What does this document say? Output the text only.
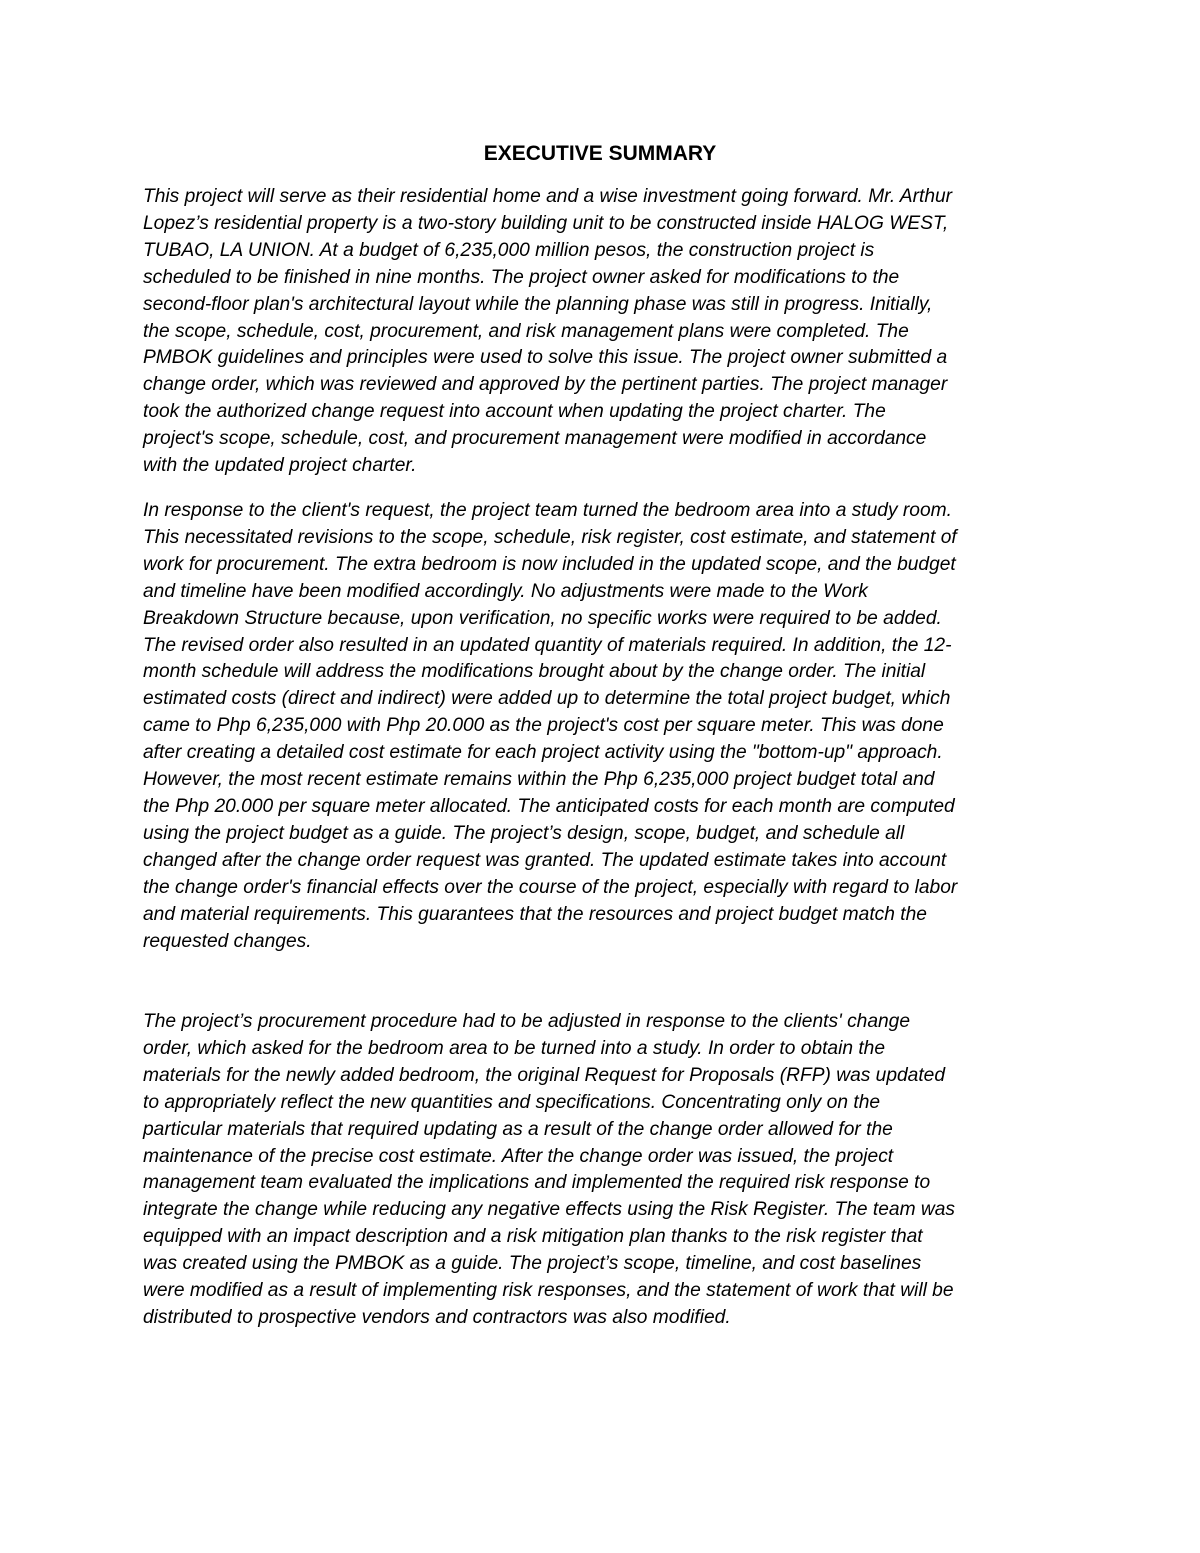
EXECUTIVE SUMMARY
This project will serve as their residential home and a wise investment going forward. Mr. Arthur
Lopez’s residential property is a two-story building unit to be constructed inside HALOG WEST,
TUBAO, LA UNION. At a budget of 6,235,000 million pesos, the construction project is
scheduled to be finished in nine months. The project owner asked for modifications to the
second-floor plan's architectural layout while the planning phase was still in progress. Initially,
the scope, schedule, cost, procurement, and risk management plans were completed. The
PMBOK guidelines and principles were used to solve this issue. The project owner submitted a
change order, which was reviewed and approved by the pertinent parties. The project manager
took the authorized change request into account when updating the project charter. The
project's scope, schedule, cost, and procurement management were modified in accordance
with the updated project charter.
In response to the client's request, the project team turned the bedroom area into a study room.
This necessitated revisions to the scope, schedule, risk register, cost estimate, and statement of
work for procurement. The extra bedroom is now included in the updated scope, and the budget
and timeline have been modified accordingly. No adjustments were made to the Work
Breakdown Structure because, upon verification, no specific works were required to be added.
The revised order also resulted in an updated quantity of materials required. In addition, the 12-
month schedule will address the modifications brought about by the change order. The initial
estimated costs (direct and indirect) were added up to determine the total project budget, which
came to Php 6,235,000 with Php 20.000 as the project's cost per square meter. This was done
after creating a detailed cost estimate for each project activity using the "bottom-up" approach.
However, the most recent estimate remains within the Php 6,235,000 project budget total and
the Php 20.000 per square meter allocated. The anticipated costs for each month are computed
using the project budget as a guide. The project’s design, scope, budget, and schedule all
changed after the change order request was granted. The updated estimate takes into account
the change order's financial effects over the course of the project, especially with regard to labor
and material requirements. This guarantees that the resources and project budget match the
requested changes.
The project’s procurement procedure had to be adjusted in response to the clients' change
order, which asked for the bedroom area to be turned into a study. In order to obtain the
materials for the newly added bedroom, the original Request for Proposals (RFP) was updated
to appropriately reflect the new quantities and specifications. Concentrating only on the
particular materials that required updating as a result of the change order allowed for the
maintenance of the precise cost estimate. After the change order was issued, the project
management team evaluated the implications and implemented the required risk response to
integrate the change while reducing any negative effects using the Risk Register. The team was
equipped with an impact description and a risk mitigation plan thanks to the risk register that
was created using the PMBOK as a guide. The project’s scope, timeline, and cost baselines
were modified as a result of implementing risk responses, and the statement of work that will be
distributed to prospective vendors and contractors was also modified.
